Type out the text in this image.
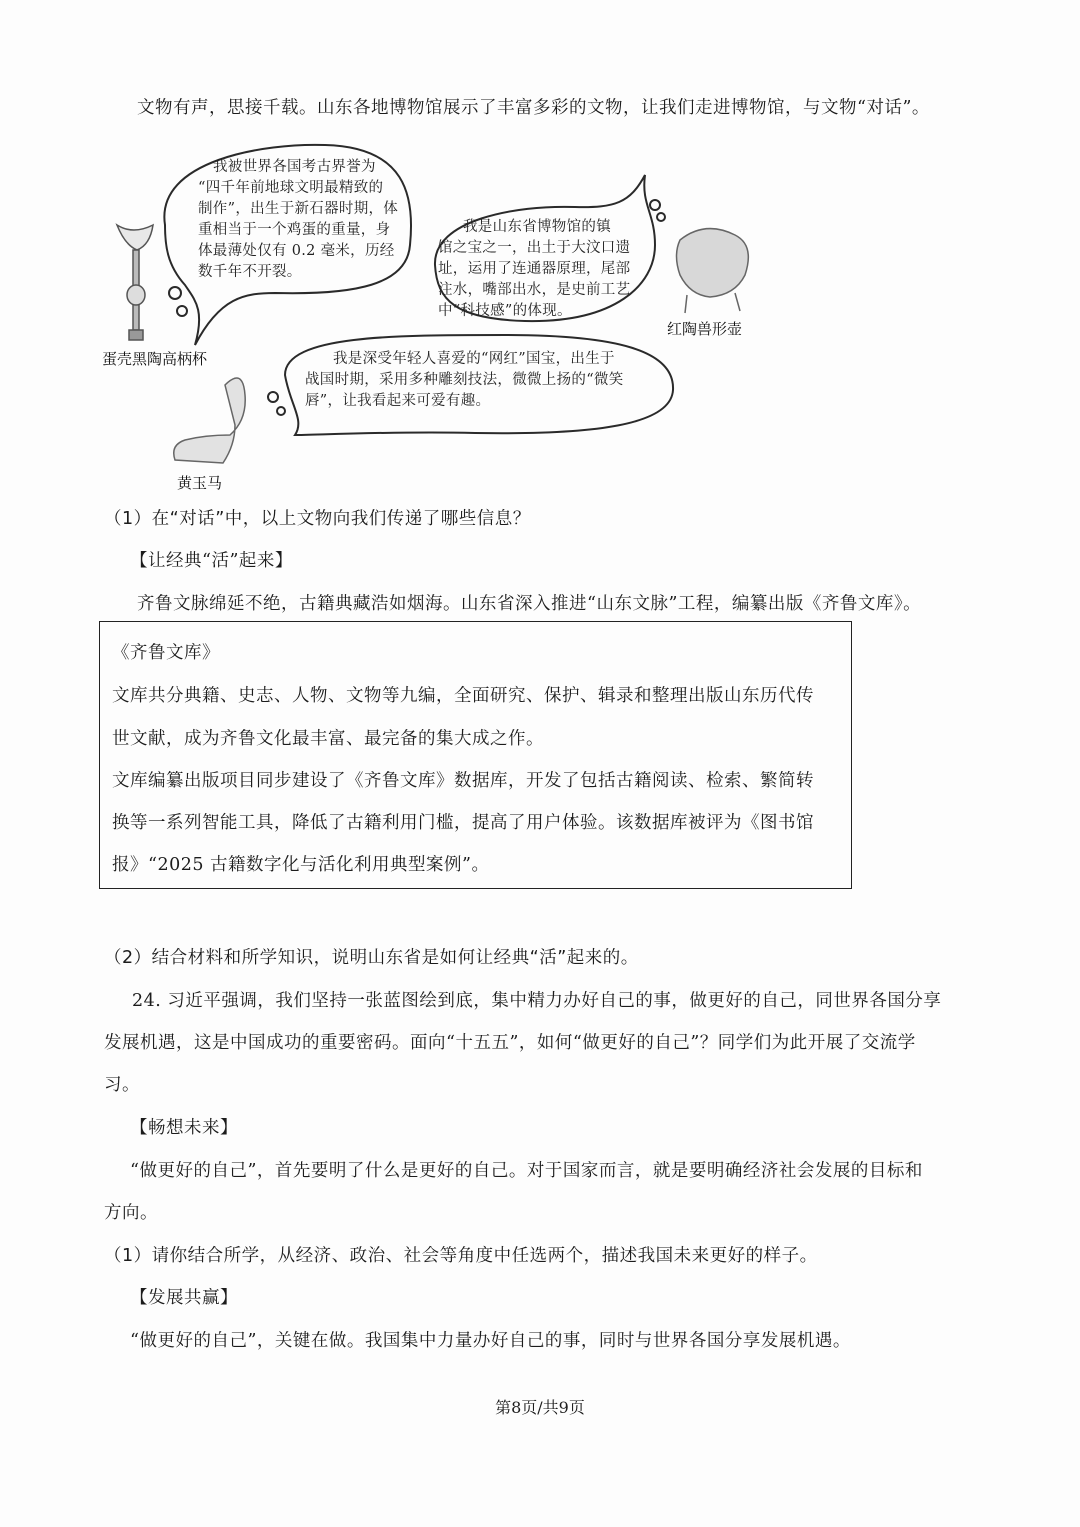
文物有声，思接千载。山东各地博物馆展示了丰富多彩的文物，让我们走进博物馆，与文物“对话”。
我被世界各国考古界誉为
“四千年前地球文明最精致的
制作”，出生于新石器时期，体
重相当于一个鸡蛋的重量，身
体最薄处仅有 0.2 毫米，历经
数千年不开裂。
我是山东省博物馆的镇
馆之宝之一，出土于大汶口遗
址，运用了连通器原理，尾部
注水，嘴部出水，是史前工艺
中“科技感”的体现。
我是深受年轻人喜爱的“网红”国宝，出生于
战国时期，采用多种雕刻技法，微微上扬的“微笑
唇”，让我看起来可爱有趣。
蛋壳黑陶高柄杯
红陶兽形壶
黄玉马
（1）在“对话”中，以上文物向我们传递了哪些信息？
【让经典“活”起来】
齐鲁文脉绵延不绝，古籍典藏浩如烟海。山东省深入推进“山东文脉”工程，编纂出版《齐鲁文库》。
《齐鲁文库》
文库共分典籍、史志、人物、文物等九编，全面研究、保护、辑录和整理出版山东历代传
世文献，成为齐鲁文化最丰富、最完备的集大成之作。
文库编纂出版项目同步建设了《齐鲁文库》数据库，开发了包括古籍阅读、检索、繁简转
换等一系列智能工具，降低了古籍利用门槛，提高了用户体验。该数据库被评为《图书馆
报》“2025 古籍数字化与活化利用典型案例”。
（2）结合材料和所学知识，说明山东省是如何让经典“活”起来的。
24. 习近平强调，我们坚持一张蓝图绘到底，集中精力办好自己的事，做更好的自己，同世界各国分享
发展机遇，这是中国成功的重要密码。面向“十五五”，如何“做更好的自己”？同学们为此开展了交流学
习。
【畅想未来】
“做更好的自己”，首先要明了什么是更好的自己。对于国家而言，就是要明确经济社会发展的目标和
方向。
（1）请你结合所学，从经济、政治、社会等角度中任选两个，描述我国未来更好的样子。
【发展共赢】
“做更好的自己”，关键在做。我国集中力量办好自己的事，同时与世界各国分享发展机遇。
第8页/共9页
